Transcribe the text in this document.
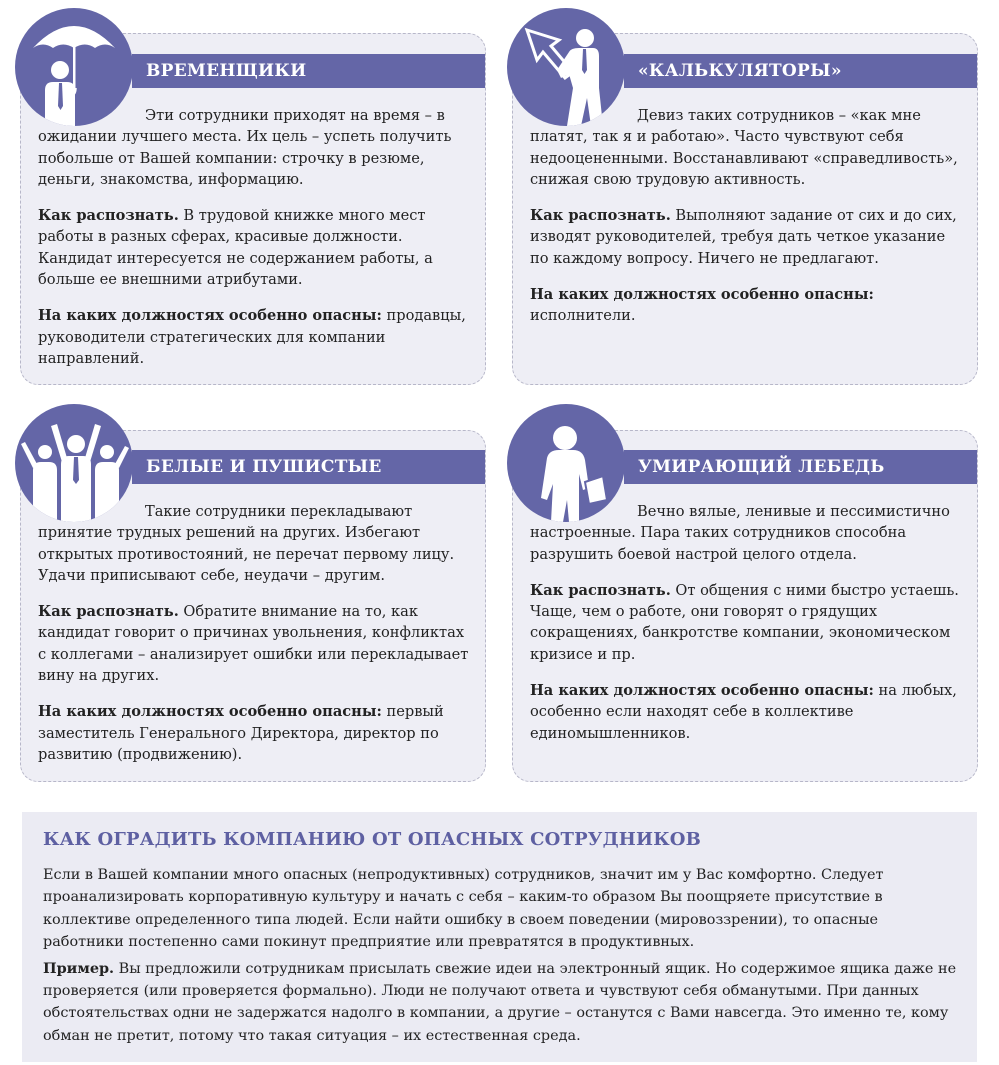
ВРЕМЕНЩИКИ

Эти сотрудники приходят на время – в ожидании лучшего места. Их цель – успеть получить побольше от Вашей компании: строчку в резюме, деньги, знакомства, информацию.

Как распознать. В трудовой книжке много мест работы в разных сферах, красивые должности. Кандидат интересуется не содержанием работы, а больше ее внешними атрибутами.

На каких должностях особенно опасны: продавцы, руководители стратегических для компании направлений.

«КАЛЬКУЛЯТОРЫ»

Девиз таких сотрудников – «как мне платят, так я и работаю». Часто чувствуют себя недооцененными. Восстанавливают «справедливость», снижая свою трудовую активность.

Как распознать. Выполняют задание от сих и до сих, изводят руководителей, требуя дать четкое указание по каждому вопросу. Ничего не предлагают.

На каких должностях особенно опасны: исполнители.

БЕЛЫЕ И ПУШИСТЫЕ

Такие сотрудники перекладывают принятие трудных решений на других. Избегают открытых противостояний, не перечат первому лицу. Удачи приписывают себе, неудачи – другим.

Как распознать. Обратите внимание на то, как кандидат говорит о причинах увольнения, конфликтах с коллегами – анализирует ошибки или перекладывает вину на других.

На каких должностях особенно опасны: первый заместитель Генерального Директора, директор по развитию (продвижению).

УМИРАЮЩИЙ ЛЕБЕДЬ

Вечно вялые, ленивые и пессимистично настроенные. Пара таких сотрудников способна разрушить боевой настрой целого отдела.

Как распознать. От общения с ними быстро устаешь. Чаще, чем о работе, они говорят о грядущих сокращениях, банкротстве компании, экономическом кризисе и пр.

На каких должностях особенно опасны: на любых, особенно если находят себе в коллективе единомышленников.

КАК ОГРАДИТЬ КОМПАНИЮ ОТ ОПАСНЫХ СОТРУДНИКОВ

Если в Вашей компании много опасных (непродуктивных) сотрудников, значит им у Вас комфортно. Следует проанализировать корпоративную культуру и начать с себя – каким-то образом Вы поощряете присутствие в коллективе определенного типа людей. Если найти ошибку в своем поведении (мировоззрении), то опасные работники постепенно сами покинут предприятие или превратятся в продуктивных.

Пример. Вы предложили сотрудникам присылать свежие идеи на электронный ящик. Но содержимое ящика даже не проверяется (или проверяется формально). Люди не получают ответа и чувствуют себя обманутыми. При данных обстоятельствах одни не задержатся надолго в компании, а другие – останутся с Вами навсегда. Это именно те, кому обман не претит, потому что такая ситуация – их естественная среда.
